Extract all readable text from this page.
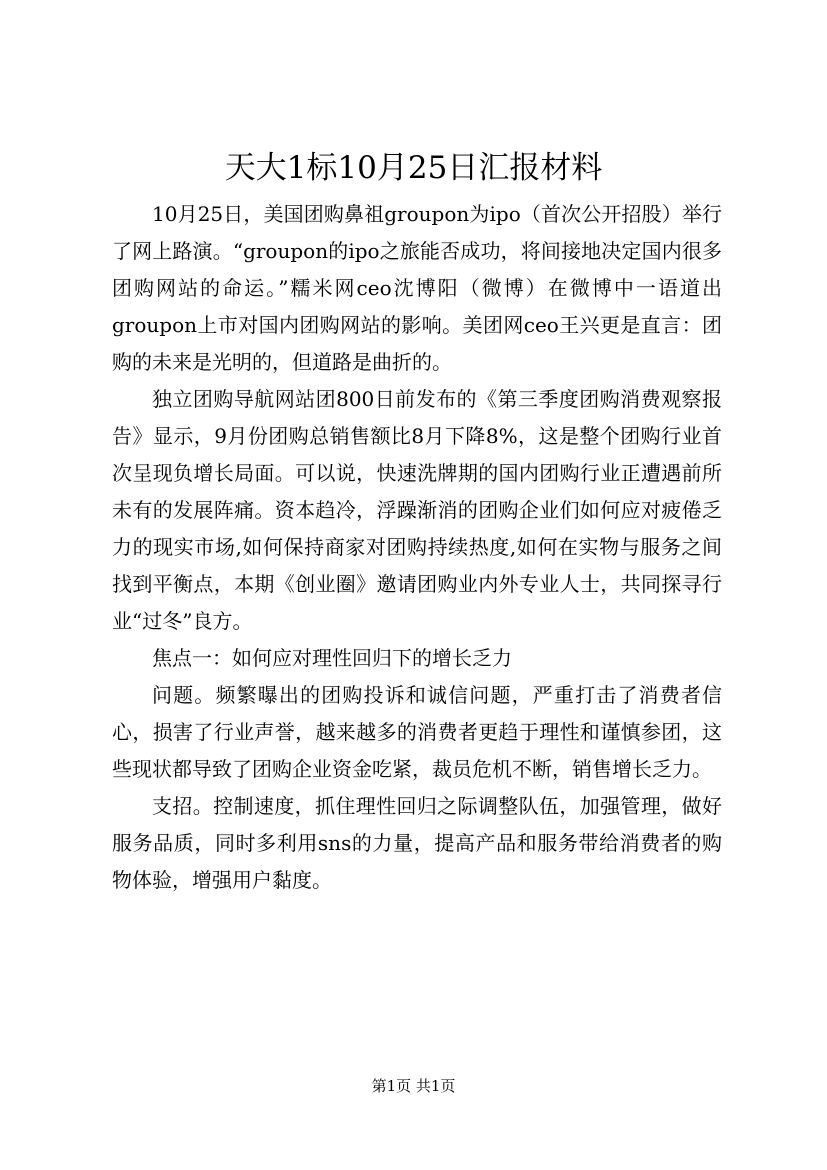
天大1标10月25日汇报材料

10月25日，美国团购鼻祖groupon为ipo（首次公开招股）举行了网上路演。“groupon的ipo之旅能否成功，将间接地决定国内很多团购网站的命运。”糯米网ceo沈博阳（微博）在微博中一语道出groupon上市对国内团购网站的影响。美团网ceo王兴更是直言：团购的未来是光明的，但道路是曲折的。

独立团购导航网站团800日前发布的《第三季度团购消费观察报告》显示，9月份团购总销售额比8月下降8%，这是整个团购行业首次呈现负增长局面。可以说，快速洗牌期的国内团购行业正遭遇前所未有的发展阵痛。资本趋冷，浮躁渐消的团购企业们如何应对疲倦乏力的现实市场,如何保持商家对团购持续热度,如何在实物与服务之间找到平衡点，本期《创业圈》邀请团购业内外专业人士，共同探寻行业“过冬”良方。

焦点一：如何应对理性回归下的增长乏力

问题。频繁曝出的团购投诉和诚信问题，严重打击了消费者信心，损害了行业声誉，越来越多的消费者更趋于理性和谨慎参团，这些现状都导致了团购企业资金吃紧，裁员危机不断，销售增长乏力。

支招。控制速度，抓住理性回归之际调整队伍，加强管理，做好服务品质，同时多利用sns的力量，提高产品和服务带给消费者的购物体验，增强用户黏度。

第1页 共1页
